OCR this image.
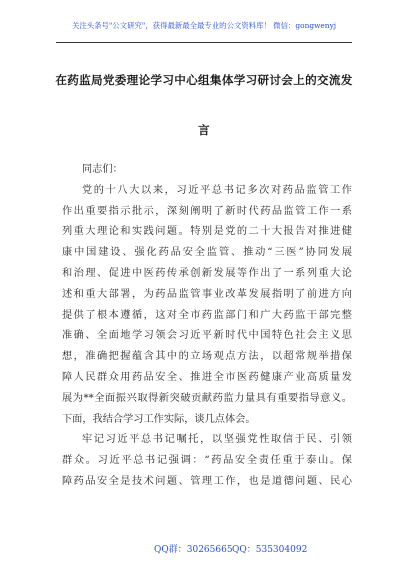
关注头条号"公文研究"，获得最新最全最专业的公文资料库！ 微信：gongwenyj
在药监局党委理论学习中心组集体学习研讨会上的交流发
言
同志们：
党的十八大以来，习近平总书记多次对药品监管工作
作出重要指示批示，深刻阐明了新时代药品监管工作一系
列重大理论和实践问题。特别是党的二十大报告对推进健
康中国建设、强化药品安全监管、推动“三医”协同发展
和治理、促进中医药传承创新发展等作出了一系列重大论
述和重大部署，为药品监管事业改革发展指明了前进方向
提供了根本遵循，这对全市药监部门和广大药监干部完整
准确、全面地学习领会习近平新时代中国特色社会主义思
想，准确把握蕴含其中的立场观点方法，以超常规举措保
障人民群众用药品安全、推进全市医药健康产业高质量发
展为**全面振兴取得新突破贡献药监力量具有重要指导意义。
下面，我结合学习工作实际，谈几点体会。
牢记习近平总书记嘱托，以坚强党性取信于民、引领
群众。习近平总书记强调：“药品安全责任重于泰山。保
障药品安全是技术问题、管理工作，也是道德问题、民心
QQ群：30265665 QQ：535304092
